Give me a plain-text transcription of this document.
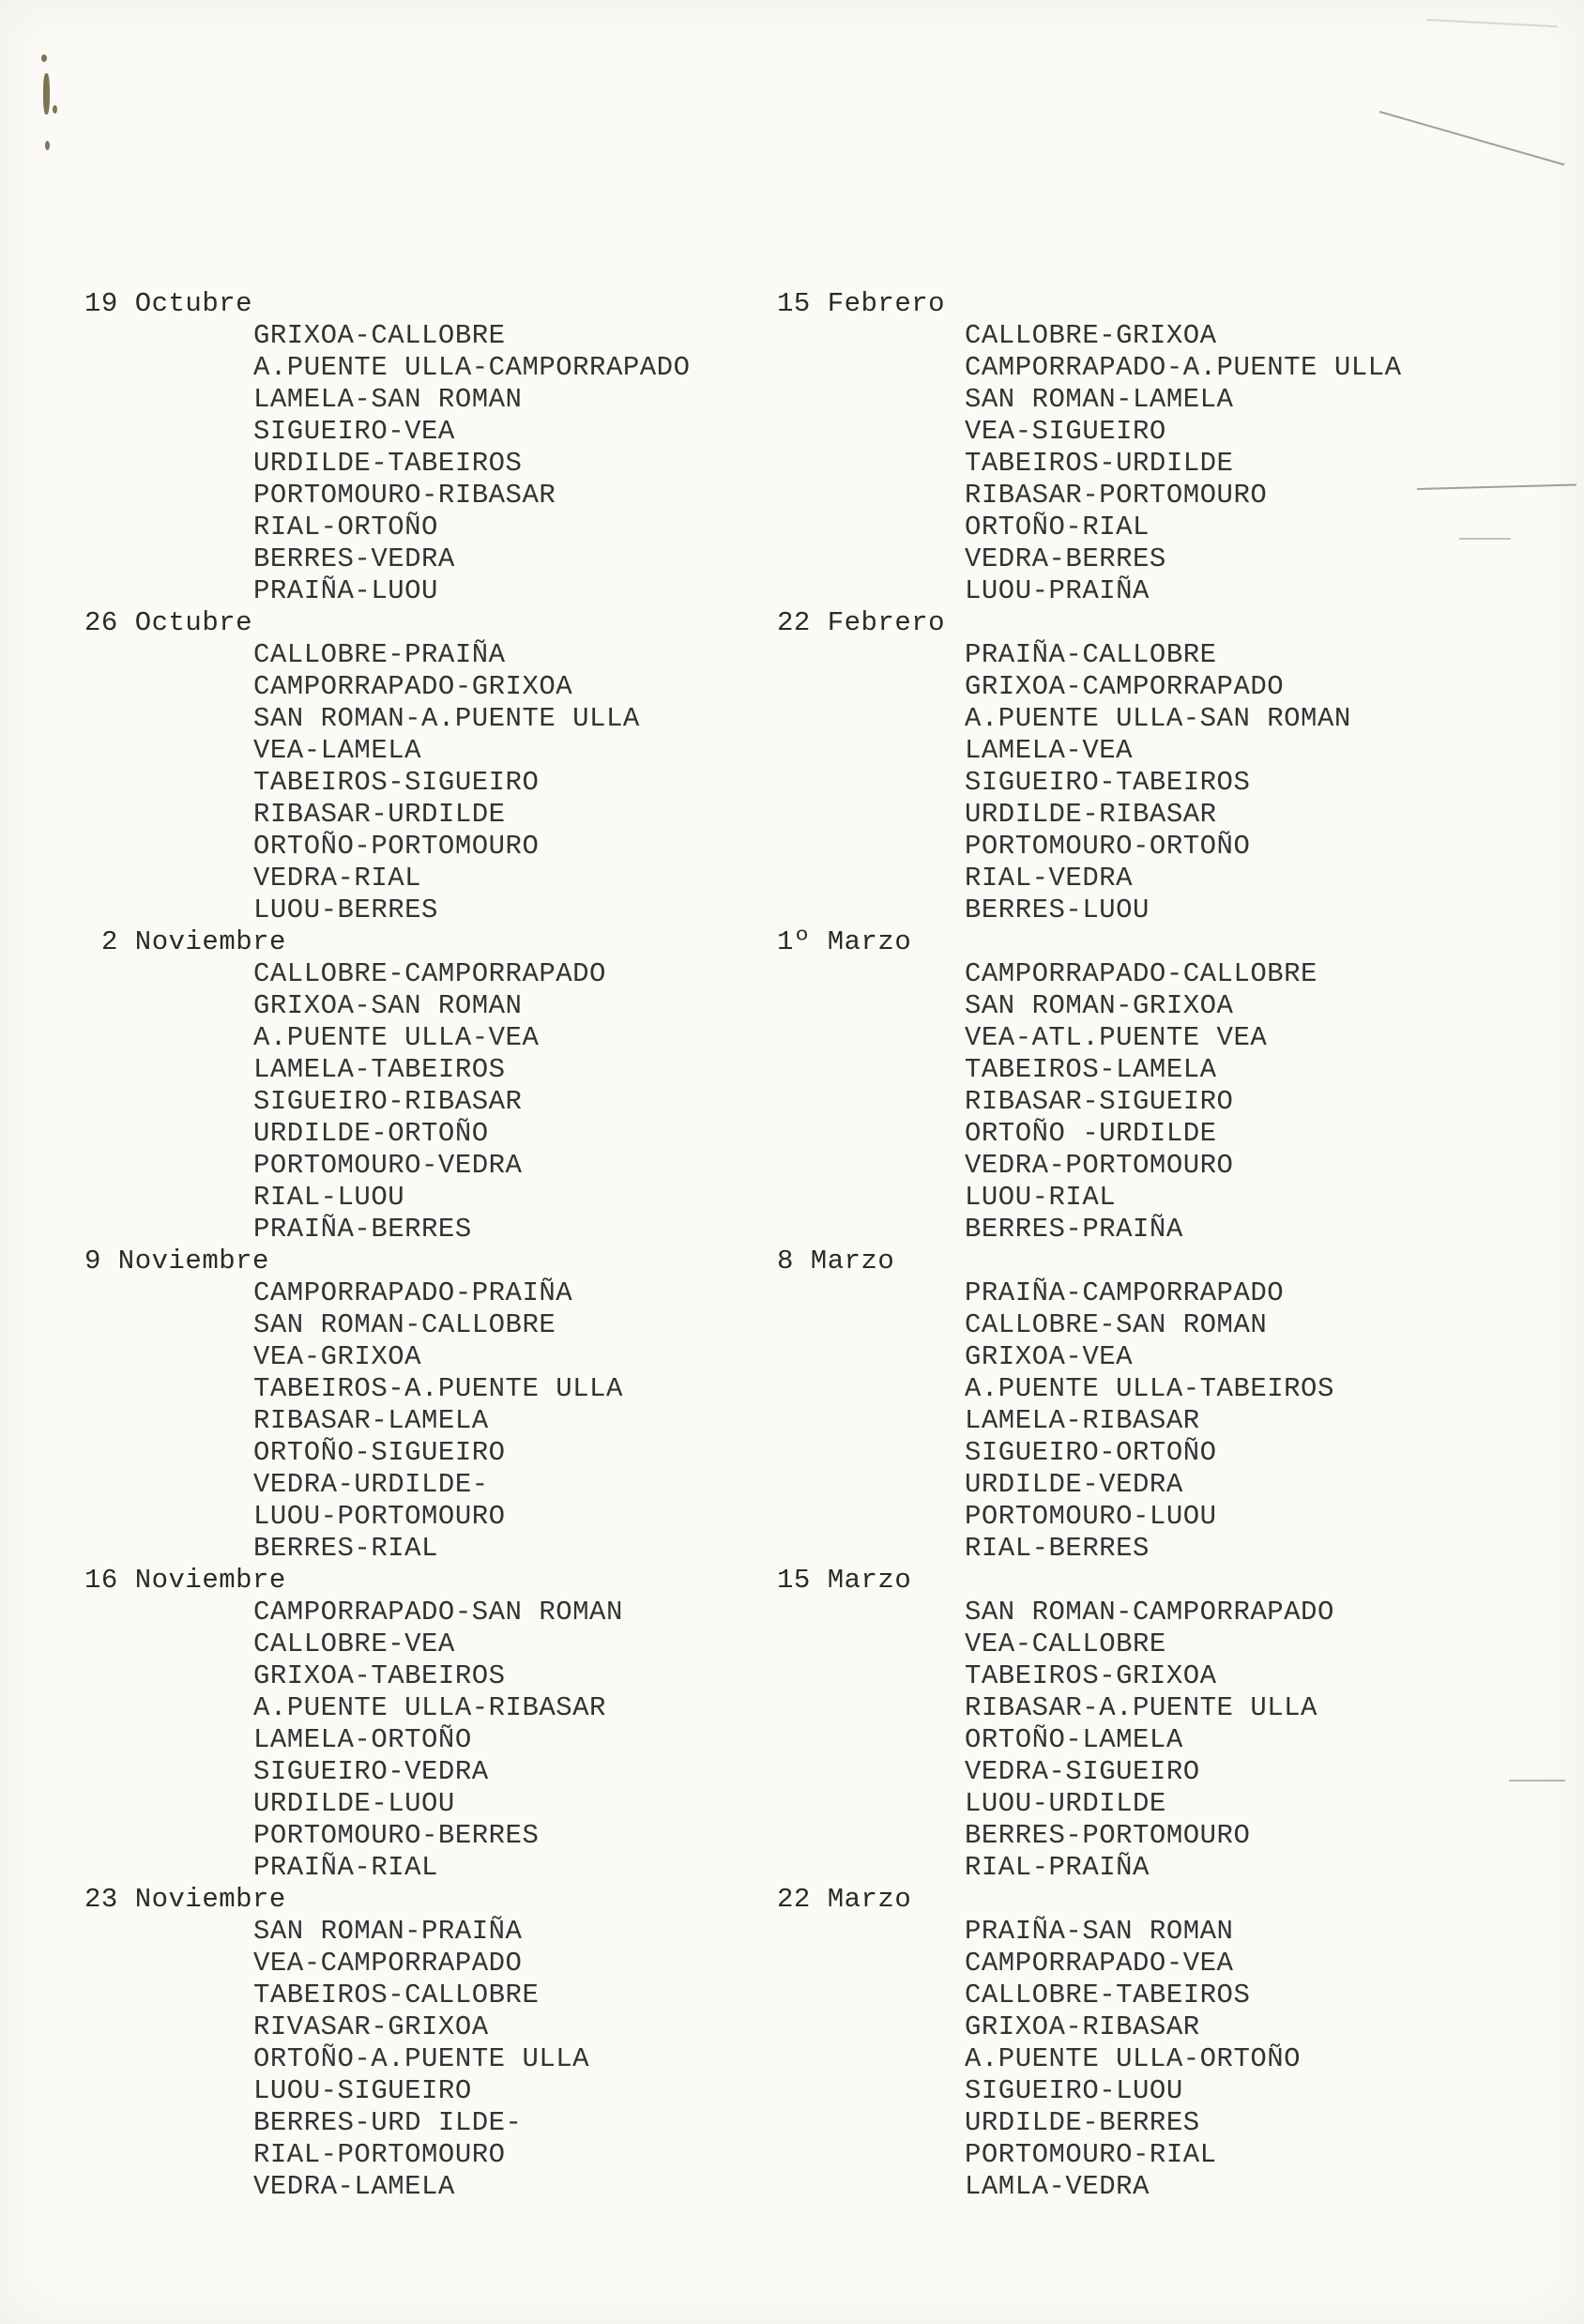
19 Octubre
GRIXOA-CALLOBRE
A.PUENTE ULLA-CAMPORRAPADO
LAMELA-SAN ROMAN
SIGUEIRO-VEA
URDILDE-TABEIROS
PORTOMOURO-RIBASAR
RIAL-ORTOÑO
BERRES-VEDRA
PRAIÑA-LUOU
26 Octubre
CALLOBRE-PRAIÑA
CAMPORRAPADO-GRIXOA
SAN ROMAN-A.PUENTE ULLA
VEA-LAMELA
TABEIROS-SIGUEIRO
RIBASAR-URDILDE
ORTOÑO-PORTOMOURO
VEDRA-RIAL
LUOU-BERRES
2 Noviembre
CALLOBRE-CAMPORRAPADO
GRIXOA-SAN ROMAN
A.PUENTE ULLA-VEA
LAMELA-TABEIROS
SIGUEIRO-RIBASAR
URDILDE-ORTOÑO
PORTOMOURO-VEDRA
RIAL-LUOU
PRAIÑA-BERRES
9 Noviembre
CAMPORRAPADO-PRAIÑA
SAN ROMAN-CALLOBRE
VEA-GRIXOA
TABEIROS-A.PUENTE ULLA
RIBASAR-LAMELA
ORTOÑO-SIGUEIRO
VEDRA-URDILDE-
LUOU-PORTOMOURO
BERRES-RIAL
16 Noviembre
CAMPORRAPADO-SAN ROMAN
CALLOBRE-VEA
GRIXOA-TABEIROS
A.PUENTE ULLA-RIBASAR
LAMELA-ORTOÑO
SIGUEIRO-VEDRA
URDILDE-LUOU
PORTOMOURO-BERRES
PRAIÑA-RIAL
23 Noviembre
SAN ROMAN-PRAIÑA
VEA-CAMPORRAPADO
TABEIROS-CALLOBRE
RIVASAR-GRIXOA
ORTOÑO-A.PUENTE ULLA
LUOU-SIGUEIRO
BERRES-URD ILDE-
RIAL-PORTOMOURO
VEDRA-LAMELA
15 Febrero
CALLOBRE-GRIXOA
CAMPORRAPADO-A.PUENTE ULLA
SAN ROMAN-LAMELA
VEA-SIGUEIRO
TABEIROS-URDILDE
RIBASAR-PORTOMOURO
ORTOÑO-RIAL
VEDRA-BERRES
LUOU-PRAIÑA
22 Febrero
PRAIÑA-CALLOBRE
GRIXOA-CAMPORRAPADO
A.PUENTE ULLA-SAN ROMAN
LAMELA-VEA
SIGUEIRO-TABEIROS
URDILDE-RIBASAR
PORTOMOURO-ORTOÑO
RIAL-VEDRA
BERRES-LUOU
1º Marzo
CAMPORRAPADO-CALLOBRE
SAN ROMAN-GRIXOA
VEA-ATL.PUENTE VEA
TABEIROS-LAMELA
RIBASAR-SIGUEIRO
ORTOÑO -URDILDE
VEDRA-PORTOMOURO
LUOU-RIAL
BERRES-PRAIÑA
8 Marzo
PRAIÑA-CAMPORRAPADO
CALLOBRE-SAN ROMAN
GRIXOA-VEA
A.PUENTE ULLA-TABEIROS
LAMELA-RIBASAR
SIGUEIRO-ORTOÑO
URDILDE-VEDRA
PORTOMOURO-LUOU
RIAL-BERRES
15 Marzo
SAN ROMAN-CAMPORRAPADO
VEA-CALLOBRE
TABEIROS-GRIXOA
RIBASAR-A.PUENTE ULLA
ORTOÑO-LAMELA
VEDRA-SIGUEIRO
LUOU-URDILDE
BERRES-PORTOMOURO
RIAL-PRAIÑA
22 Marzo
PRAIÑA-SAN ROMAN
CAMPORRAPADO-VEA
CALLOBRE-TABEIROS
GRIXOA-RIBASAR
A.PUENTE ULLA-ORTOÑO
SIGUEIRO-LUOU
URDILDE-BERRES
PORTOMOURO-RIAL
LAMLA-VEDRA
